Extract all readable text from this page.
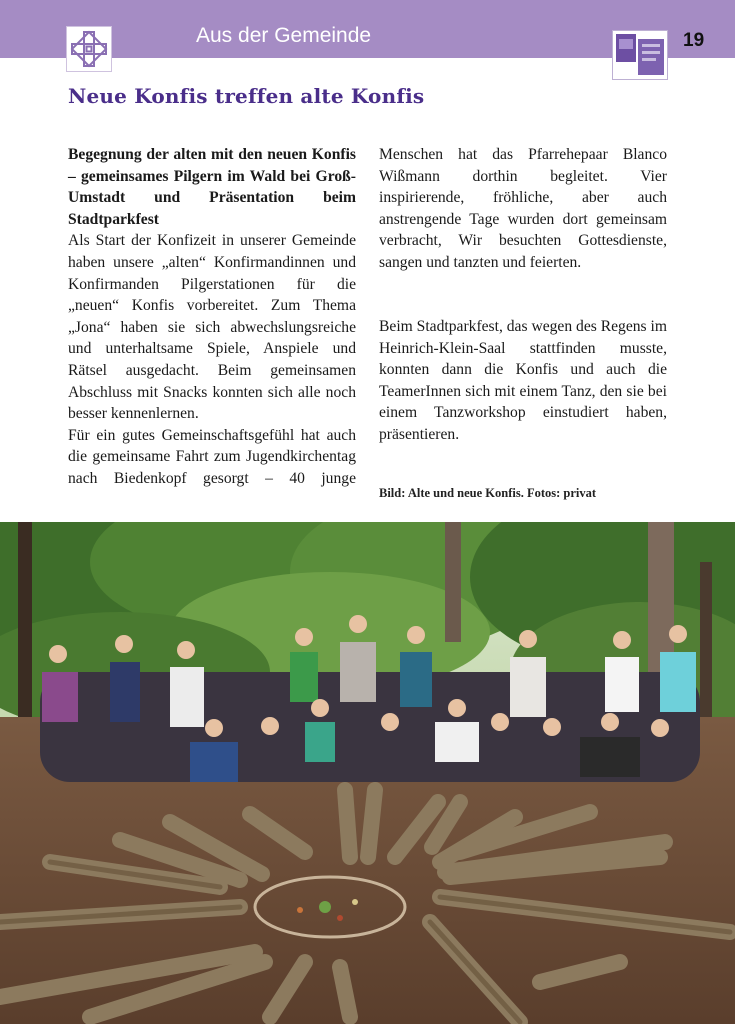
Aus der Gemeinde	19
Neue Konfis treffen alte Konfis

Begegnung der alten mit den neuen Konfis – gemeinsames Pilgern im Wald bei Groß-Umstadt und Präsentation beim Stadtparkfest

Als Start der Konfizeit in unserer Gemeinde haben unsere „alten“ Konfirmandinnen und Konfirmanden Pilgerstationen für die „neuen“ Konfis vorbereitet. Zum Thema „Jona“ haben sie sich abwechslungsreiche und unterhaltsame Spiele, Anspiele und Rätsel ausgedacht. Beim gemeinsamen Abschluss mit Snacks konnten sich alle noch besser kennenlernen.

Für ein gutes Gemeinschaftsgefühl hat auch die gemeinsame Fahrt zum Jugendkirchentag nach Biedenkopf gesorgt – 40 junge

Menschen hat das Pfarrehepaar Blanco Wißmann dorthin begleitet. Vier inspirierende, fröhliche, aber auch anstrengende Tage wurden dort gemeinsam verbracht, Wir besuchten Gottesdienste, sangen und tanzten und feierten.

Beim Stadtparkfest, das wegen des Regens im Heinrich-Klein-Saal stattfinden musste, konnten dann die Konfis und auch die TeamerInnen sich mit einem Tanz, den sie bei einem Tanzworkshop einstudiert haben, präsentieren.

Bild: Alte und neue Konfis. Fotos: privat
